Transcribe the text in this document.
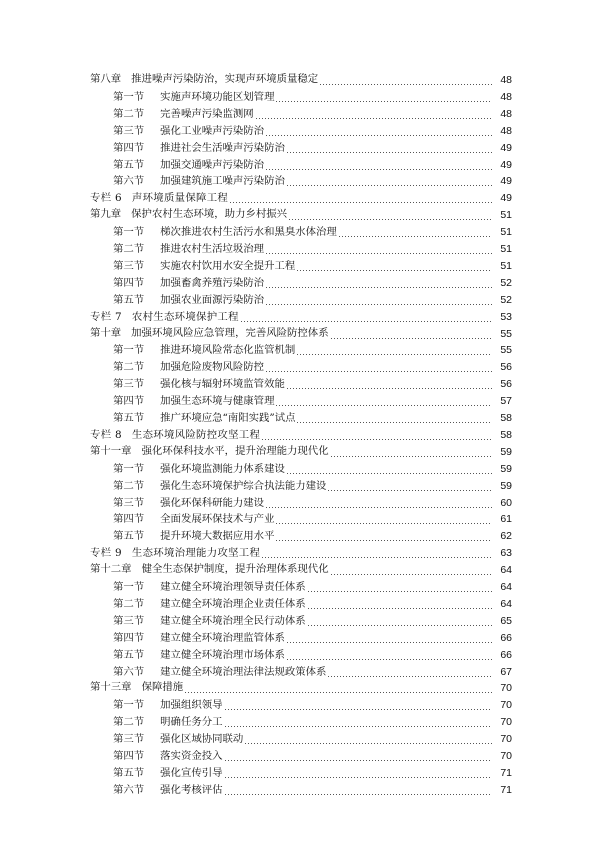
第八章 推进噪声污染防治，实现声环境质量稳定	48
第一节 实施声环境功能区划管理	48
第二节 完善噪声污染监测网	48
第三节 强化工业噪声污染防治	48
第四节 推进社会生活噪声污染防治	49
第五节 加强交通噪声污染防治	49
第六节 加强建筑施工噪声污染防治	49
专栏 6 声环境质量保障工程	49
第九章 保护农村生态环境，助力乡村振兴	51
第一节 梯次推进农村生活污水和黑臭水体治理	51
第二节 推进农村生活垃圾治理	51
第三节 实施农村饮用水安全提升工程	51
第四节 加强畜禽养殖污染防治	52
第五节 加强农业面源污染防治	52
专栏 7 农村生态环境保护工程	53
第十章 加强环境风险应急管理，完善风险防控体系	55
第一节 推进环境风险常态化监管机制	55
第二节 加强危险废物风险防控	56
第三节 强化核与辐射环境监管效能	56
第四节 加强生态环境与健康管理	57
第五节 推广环境应急“南阳实践”试点	58
专栏 8 生态环境风险防控攻坚工程	58
第十一章 强化环保科技水平，提升治理能力现代化	59
第一节 强化环境监测能力体系建设	59
第二节 强化生态环境保护综合执法能力建设	59
第三节 强化环保科研能力建设	60
第四节 全面发展环保技术与产业	61
第五节 提升环境大数据应用水平	62
专栏 9 生态环境治理能力攻坚工程	63
第十二章 健全生态保护制度，提升治理体系现代化	64
第一节 建立健全环境治理领导责任体系	64
第二节 建立健全环境治理企业责任体系	64
第三节 建立健全环境治理全民行动体系	65
第四节 建立健全环境治理监管体系	66
第五节 建立健全环境治理市场体系	66
第六节 建立健全环境治理法律法规政策体系	67
第十三章 保障措施	70
第一节 加强组织领导	70
第二节 明确任务分工	70
第三节 强化区域协同联动	70
第四节 落实资金投入	70
第五节 强化宣传引导	71
第六节 强化考核评估	71
